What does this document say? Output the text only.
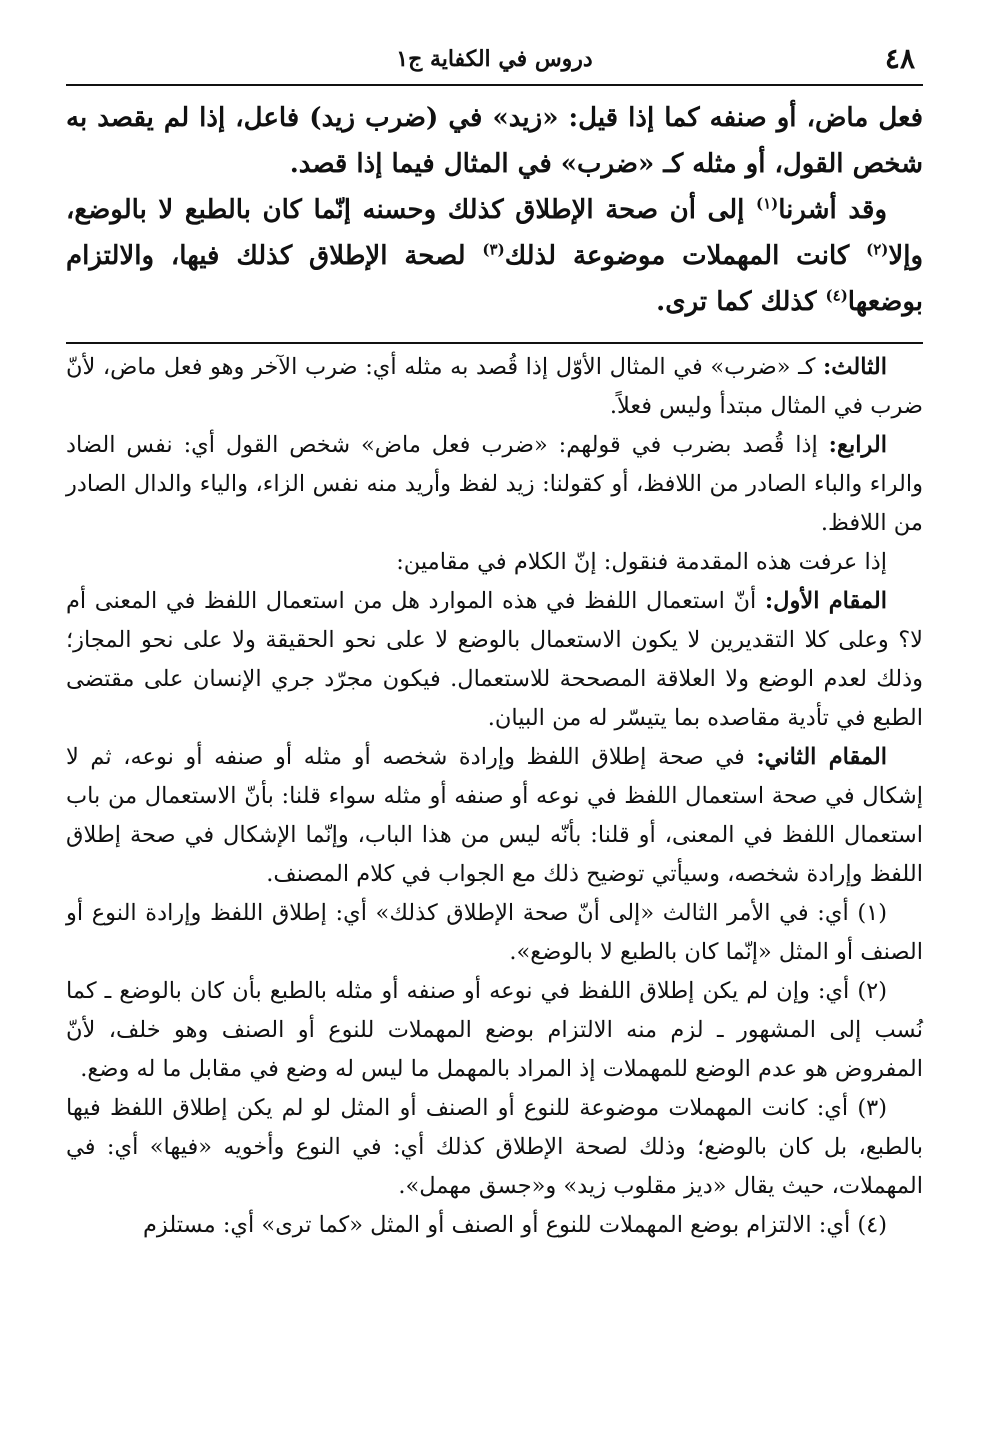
٤٨
دروس في الكفاية ج١

فعل ماض، أو صنفه كما إذا قيل: «زيد» في (ضرب زيد) فاعل، إذا لم يقصد به شخص القول، أو مثله كـ «ضرب» في المثال فيما إذا قصد.

وقد أشرنا$^{(١)}$ إلى أن صحة الإطلاق كذلك وحسنه إنّما كان بالطبع لا بالوضع، وإلا$^{(٢)}$ كانت المهملات موضوعة لذلك$^{(٣)}$ لصحة الإطلاق كذلك فيها، والالتزام بوضعها$^{(٤)}$ كذلك كما ترى.

الثالث: كـ «ضرب» في المثال الأوّل إذا قُصد به مثله أي: ضرب الآخر وهو فعل ماض، لأنّ ضرب في المثال مبتدأ وليس فعلاً.

الرابع: إذا قُصد بضرب في قولهم: «ضرب فعل ماض» شخص القول أي: نفس الضاد والراء والباء الصادر من اللافظ، أو كقولنا: زيد لفظ وأريد منه نفس الزاء، والياء والدال الصادر من اللافظ.

إذا عرفت هذه المقدمة فنقول: إنّ الكلام في مقامين:

المقام الأول: أنّ استعمال اللفظ في هذه الموارد هل من استعمال اللفظ في المعنى أم لا؟ وعلى كلا التقديرين لا يكون الاستعمال بالوضع لا على نحو الحقيقة ولا على نحو المجاز؛ وذلك لعدم الوضع ولا العلاقة المصححة للاستعمال. فيكون مجرّد جري الإنسان على مقتضى الطبع في تأدية مقاصده بما يتيسّر له من البيان.

المقام الثاني: في صحة إطلاق اللفظ وإرادة شخصه أو مثله أو صنفه أو نوعه، ثم لا إشكال في صحة استعمال اللفظ في نوعه أو صنفه أو مثله سواء قلنا: بأنّ الاستعمال من باب استعمال اللفظ في المعنى، أو قلنا: بأنّه ليس من هذا الباب، وإنّما الإشكال في صحة إطلاق اللفظ وإرادة شخصه، وسيأتي توضيح ذلك مع الجواب في كلام المصنف.

(١) أي: في الأمر الثالث «إلى أنّ صحة الإطلاق كذلك» أي: إطلاق اللفظ وإرادة النوع أو الصنف أو المثل «إنّما كان بالطبع لا بالوضع».

(٢) أي: وإن لم يكن إطلاق اللفظ في نوعه أو صنفه أو مثله بالطبع بأن كان بالوضع ـ كما نُسب إلى المشهور ـ لزم منه الالتزام بوضع المهملات للنوع أو الصنف وهو خلف، لأنّ المفروض هو عدم الوضع للمهملات إذ المراد بالمهمل ما ليس له وضع في مقابل ما له وضع.

(٣) أي: كانت المهملات موضوعة للنوع أو الصنف أو المثل لو لم يكن إطلاق اللفظ فيها بالطبع، بل كان بالوضع؛ وذلك لصحة الإطلاق كذلك أي: في النوع وأخويه «فيها» أي: في المهملات، حيث يقال «ديز مقلوب زيد» و«جسق مهمل».

(٤) أي: الالتزام بوضع المهملات للنوع أو الصنف أو المثل «كما ترى» أي: مستلزم
